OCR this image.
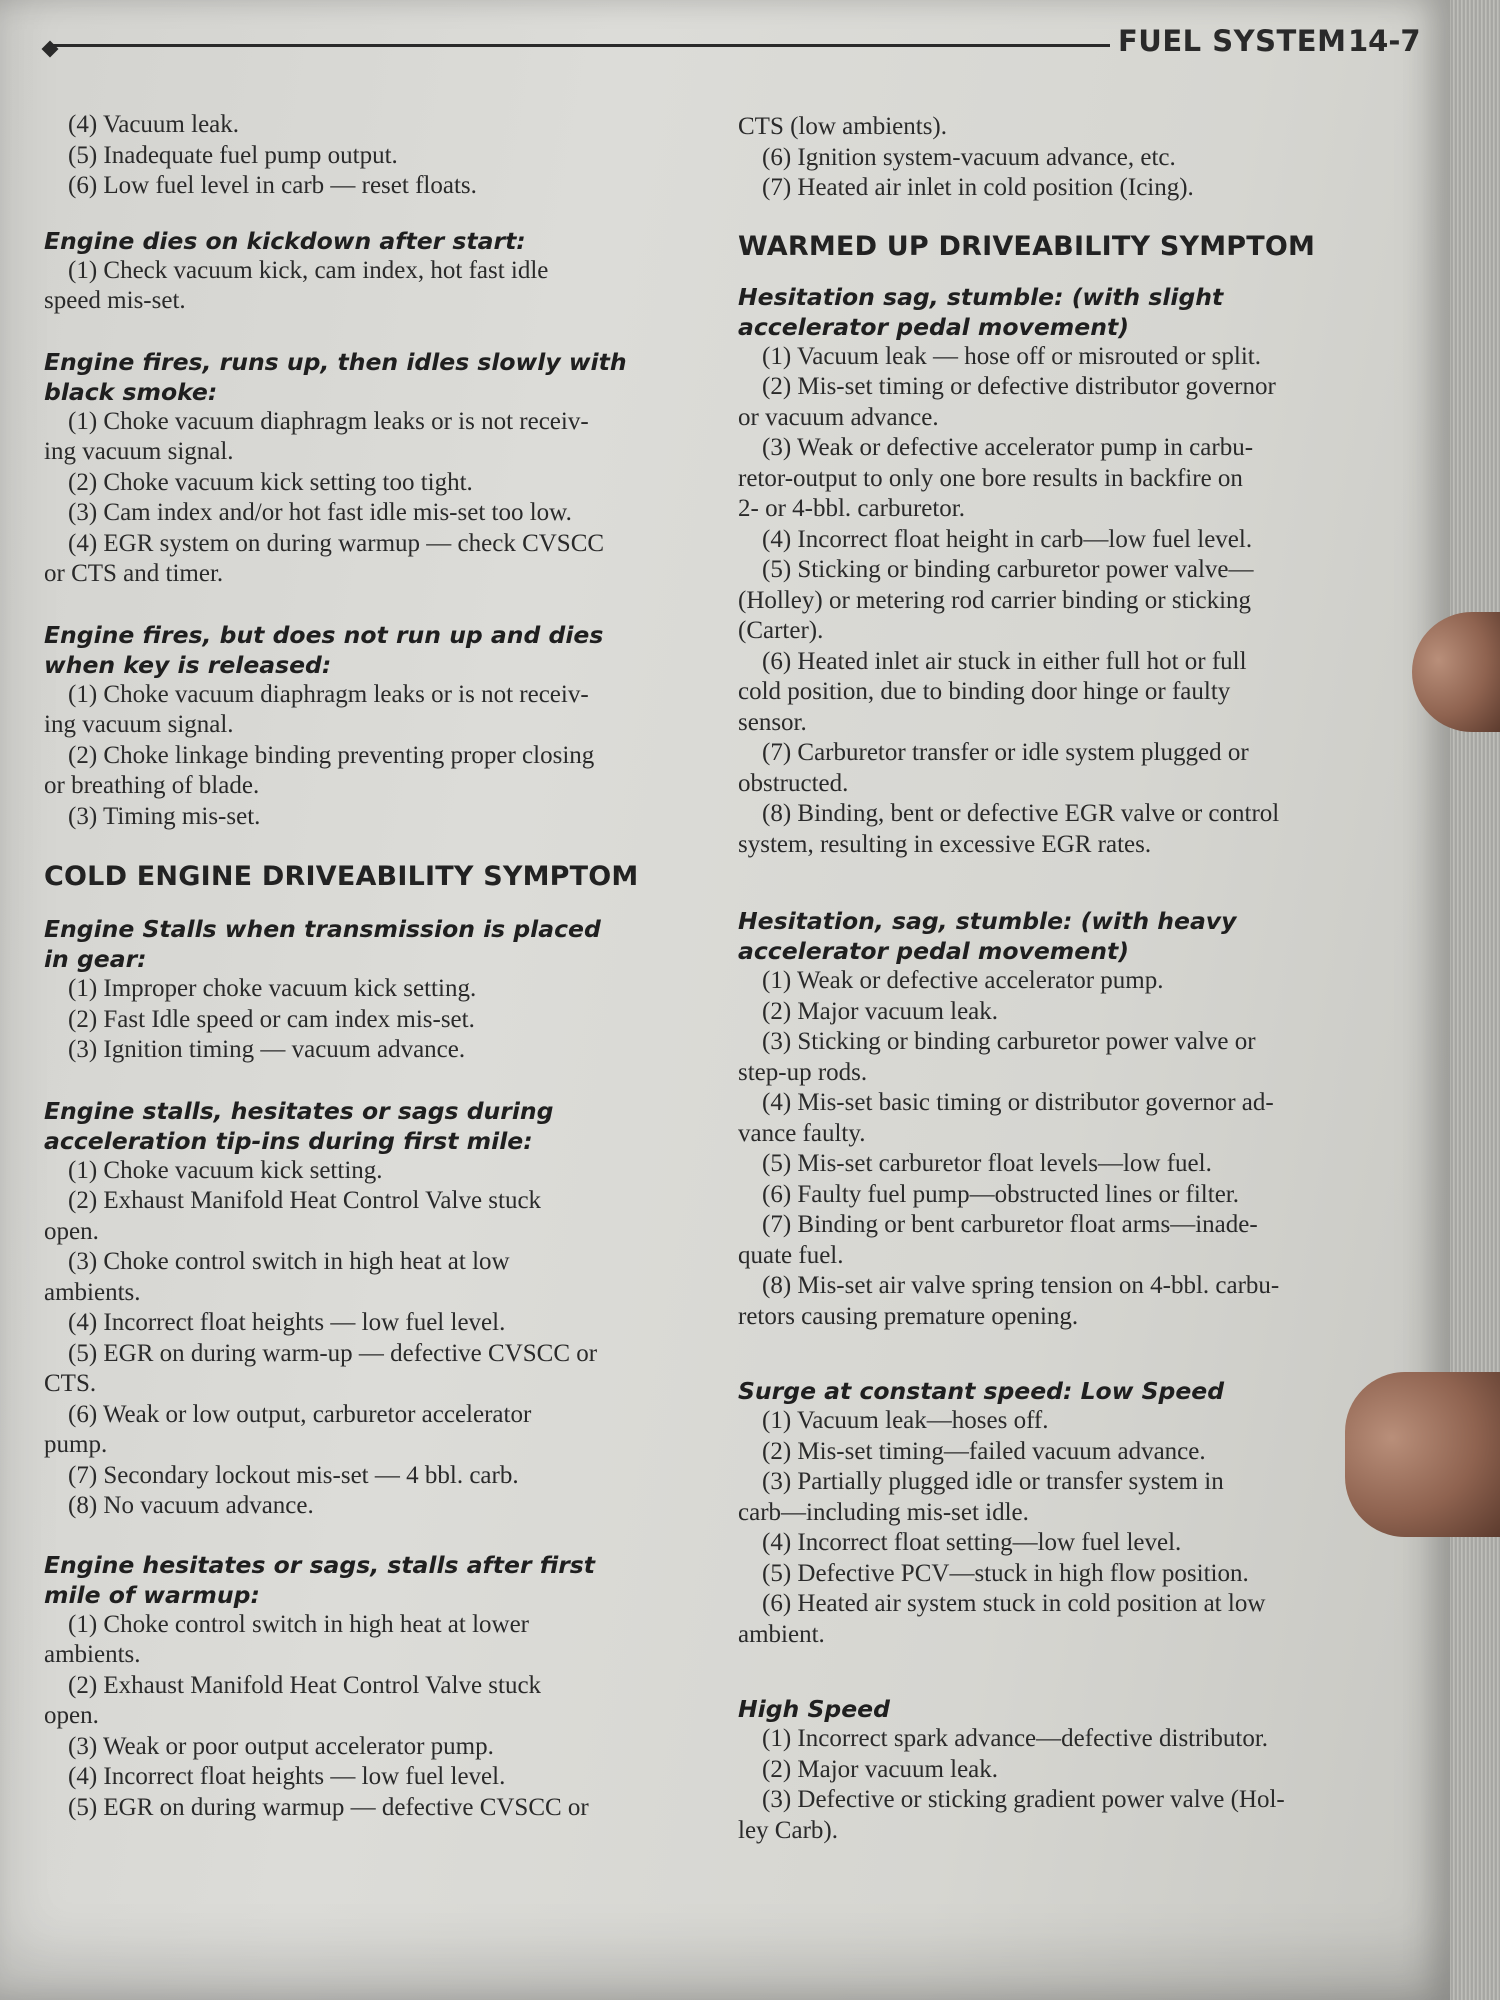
FUEL SYSTEM 14-7

(4) Vacuum leak.

(5) Inadequate fuel pump output.

(6) Low fuel level in carb — reset floats.

Engine dies on kickdown after start:

(1) Check vacuum kick, cam index, hot fast idle

speed mis-set.

Engine fires, runs up, then idles slowly with
black smoke:

(1) Choke vacuum diaphragm leaks or is not receiv-

ing vacuum signal.

(2) Choke vacuum kick setting too tight.

(3) Cam index and/or hot fast idle mis-set too low.

(4) EGR system on during warmup — check CVSCC

or CTS and timer.

Engine fires, but does not run up and dies
when key is released:

(1) Choke vacuum diaphragm leaks or is not receiv-

ing vacuum signal.

(2) Choke linkage binding preventing proper closing

or breathing of blade.

(3) Timing mis-set.

COLD ENGINE DRIVEABILITY SYMPTOM
Engine Stalls when transmission is placed
in gear:

(1) Improper choke vacuum kick setting.

(2) Fast Idle speed or cam index mis-set.

(3) Ignition timing — vacuum advance.

Engine stalls, hesitates or sags during
acceleration tip-ins during first mile:

(1) Choke vacuum kick setting.

(2) Exhaust Manifold Heat Control Valve stuck

open.

(3) Choke control switch in high heat at low

ambients.

(4) Incorrect float heights — low fuel level.

(5) EGR on during warm-up — defective CVSCC or

CTS.

(6) Weak or low output, carburetor accelerator

pump.

(7) Secondary lockout mis-set — 4 bbl. carb.

(8) No vacuum advance.

Engine hesitates or sags, stalls after first
mile of warmup:

(1) Choke control switch in high heat at lower

ambients.

(2) Exhaust Manifold Heat Control Valve stuck

open.

(3) Weak or poor output accelerator pump.

(4) Incorrect float heights — low fuel level.

(5) EGR on during warmup — defective CVSCC or

CTS (low ambients).

(6) Ignition system-vacuum advance, etc.

(7) Heated air inlet in cold position (Icing).

WARMED UP DRIVEABILITY SYMPTOM
Hesitation sag, stumble: (with slight
accelerator pedal movement)

(1) Vacuum leak — hose off or misrouted or split.

(2) Mis-set timing or defective distributor governor

or vacuum advance.

(3) Weak or defective accelerator pump in carbu-

retor-output to only one bore results in backfire on

2- or 4-bbl. carburetor.

(4) Incorrect float height in carb—low fuel level.

(5) Sticking or binding carburetor power valve—

(Holley) or metering rod carrier binding or sticking

(Carter).

(6) Heated inlet air stuck in either full hot or full

cold position, due to binding door hinge or faulty

sensor.

(7) Carburetor transfer or idle system plugged or

obstructed.

(8) Binding, bent or defective EGR valve or control

system, resulting in excessive EGR rates.

Hesitation, sag, stumble: (with heavy
accelerator pedal movement)

(1) Weak or defective accelerator pump.

(2) Major vacuum leak.

(3) Sticking or binding carburetor power valve or

step-up rods.

(4) Mis-set basic timing or distributor governor ad-

vance faulty.

(5) Mis-set carburetor float levels—low fuel.

(6) Faulty fuel pump—obstructed lines or filter.

(7) Binding or bent carburetor float arms—inade-

quate fuel.

(8) Mis-set air valve spring tension on 4-bbl. carbu-

retors causing premature opening.

Surge at constant speed: Low Speed

(1) Vacuum leak—hoses off.

(2) Mis-set timing—failed vacuum advance.

(3) Partially plugged idle or transfer system in

carb—including mis-set idle.

(4) Incorrect float setting—low fuel level.

(5) Defective PCV—stuck in high flow position.

(6) Heated air system stuck in cold position at low

ambient.

High Speed

(1) Incorrect spark advance—defective distributor.

(2) Major vacuum leak.

(3) Defective or sticking gradient power valve (Hol-

ley Carb).
